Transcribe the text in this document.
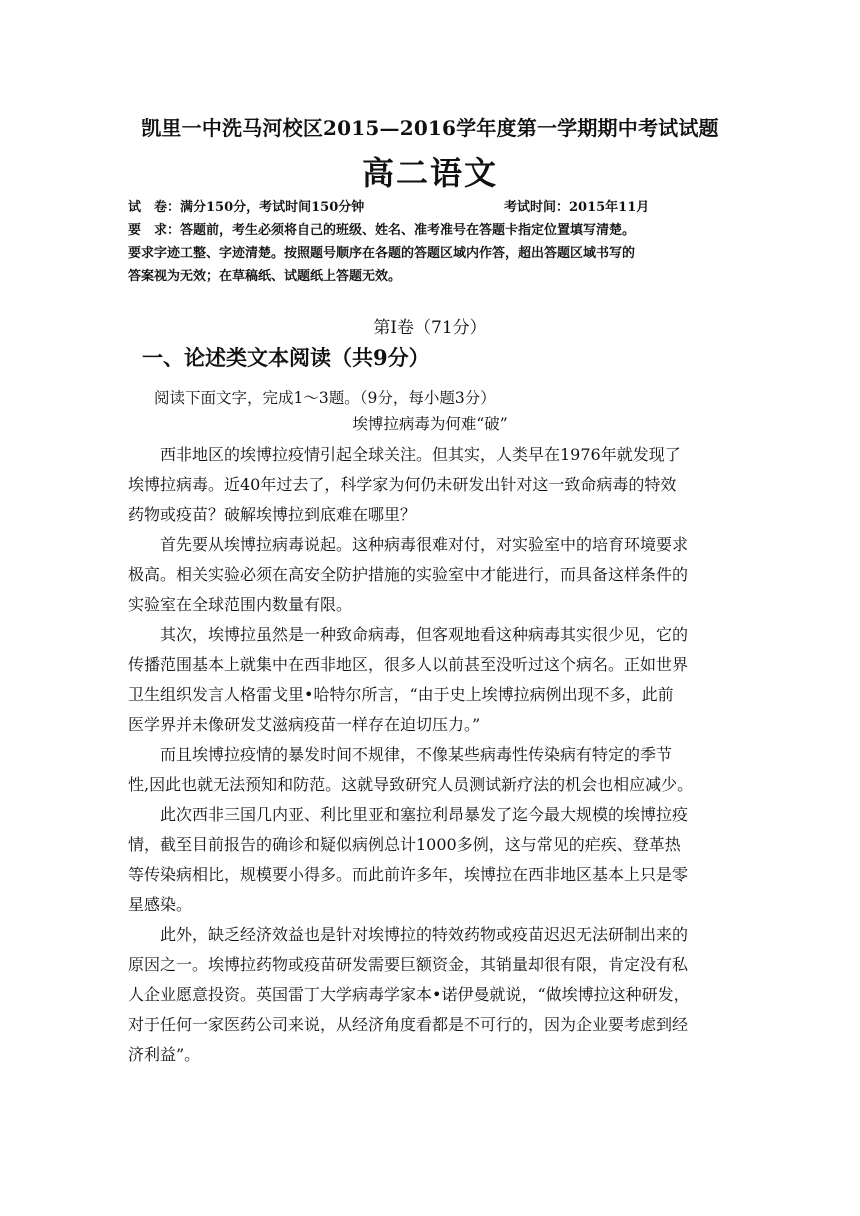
凯里一中洗马河校区2015—2016学年度第一学期期中考试试题
高二语文
试　卷：满分150分，考试时间150分钟	考试时间：2015年11月
要　求：答题前，考生必须将自己的班级、姓名、准考准号在答题卡指定位置填写清楚。
要求字迹工整、字迹清楚。按照题号顺序在各题的答题区域内作答，超出答题区域书写的
答案视为无效；在草稿纸、试题纸上答题无效。
第Ⅰ卷（71分）
一、论述类文本阅读（共9分）
阅读下面文字，完成1～3题。（9分，每小题3分）
埃博拉病毒为何难“破”

西非地区的埃博拉疫情引起全球关注。但其实，人类早在1976年就发现了
埃博拉病毒。近40年过去了，科学家为何仍未研发出针对这一致命病毒的特效
药物或疫苗？破解埃博拉到底难在哪里？

首先要从埃博拉病毒说起。这种病毒很难对付，对实验室中的培育环境要求
极高。相关实验必须在高安全防护措施的实验室中才能进行，而具备这样条件的
实验室在全球范围内数量有限。

其次，埃博拉虽然是一种致命病毒，但客观地看这种病毒其实很少见，它的
传播范围基本上就集中在西非地区，很多人以前甚至没听过这个病名。正如世界
卫生组织发言人格雷戈里•哈特尔所言，“由于史上埃博拉病例出现不多，此前
医学界并未像研发艾滋病疫苗一样存在迫切压力。”

而且埃博拉疫情的暴发时间不规律，不像某些病毒性传染病有特定的季节
性,因此也就无法预知和防范。这就导致研究人员测试新疗法的机会也相应减少。

此次西非三国几内亚、利比里亚和塞拉利昂暴发了迄今最大规模的埃博拉疫
情，截至目前报告的确诊和疑似病例总计1000多例，这与常见的疟疾、登革热
等传染病相比，规模要小得多。而此前许多年，埃博拉在西非地区基本上只是零
星感染。

此外，缺乏经济效益也是针对埃博拉的特效药物或疫苗迟迟无法研制出来的
原因之一。埃博拉药物或疫苗研发需要巨额资金，其销量却很有限，肯定没有私
人企业愿意投资。英国雷丁大学病毒学家本•诺伊曼就说，“做埃博拉这种研发，
对于任何一家医药公司来说，从经济角度看都是不可行的，因为企业要考虑到经
济利益”。
